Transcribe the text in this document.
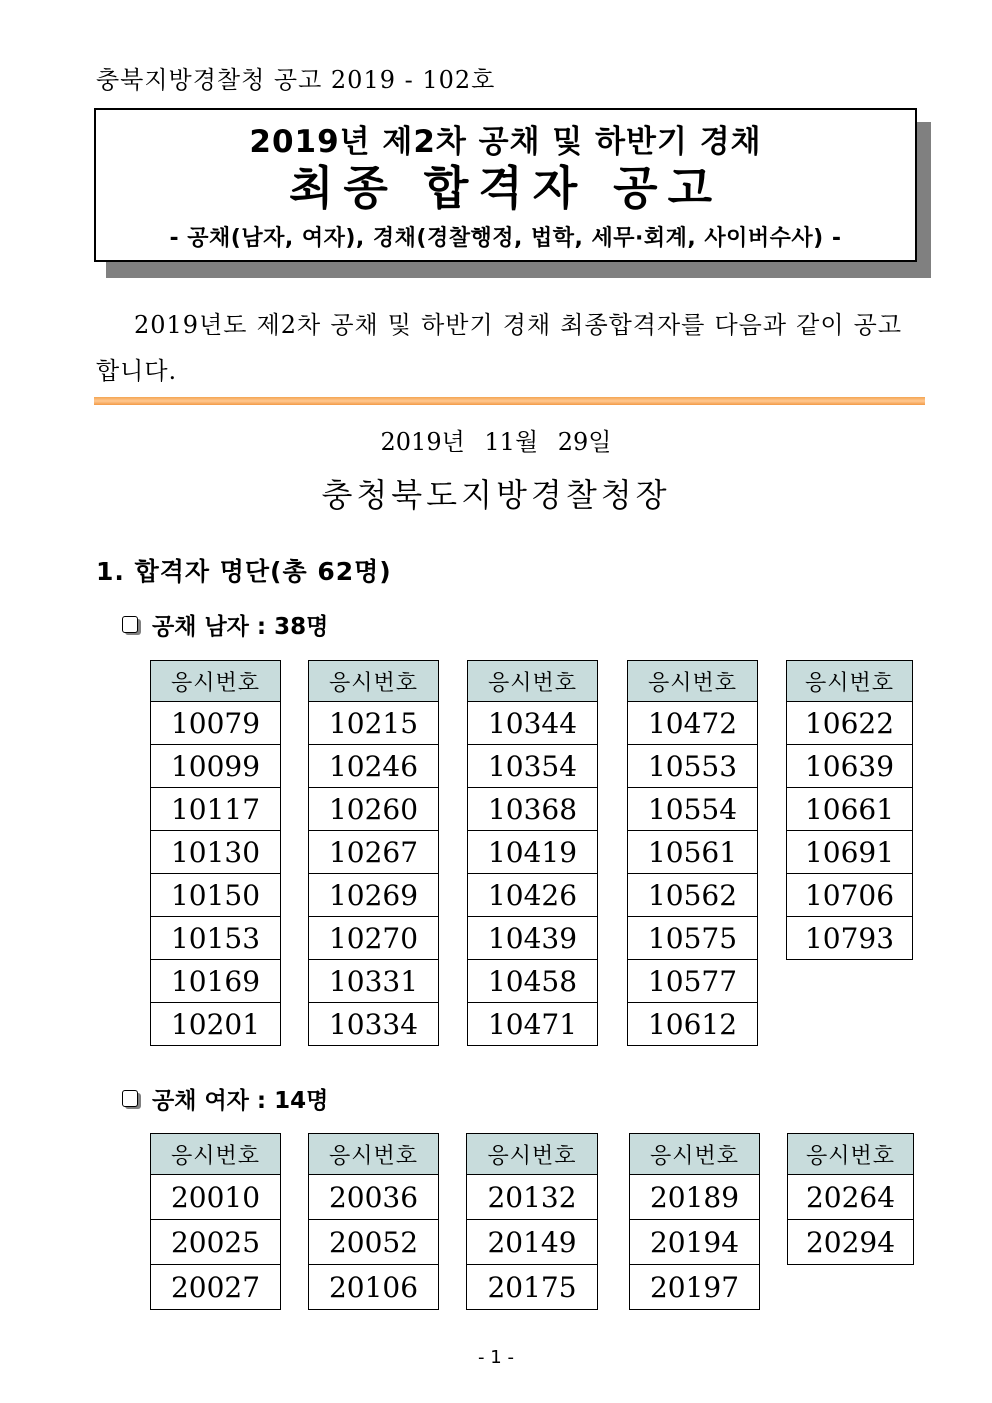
충북지방경찰청 공고 2019 - 102호
2019년 제2차 공채 및 하반기 경채
최종 합격자 공고
- 공채(남자, 여자), 경채(경찰행정, 법학, 세무·회계, 사이버수사) -
2019년도 제2차 공채 및 하반기 경채 최종합격자를 다음과 같이 공고합니다.
2019년 11월 29일
충청북도지방경찰청장
1. 합격자 명단(총 62명)
공채 남자 : 38명
응시번호
10079
10099
10117
10130
10150
10153
10169
10201
응시번호
10215
10246
10260
10267
10269
10270
10331
10334
응시번호
10344
10354
10368
10419
10426
10439
10458
10471
응시번호
10472
10553
10554
10561
10562
10575
10577
10612
응시번호
10622
10639
10661
10691
10706
10793
공채 여자 : 14명
응시번호
20010
20025
20027
응시번호
20036
20052
20106
응시번호
20132
20149
20175
응시번호
20189
20194
20197
응시번호
20264
20294
- 1 -
